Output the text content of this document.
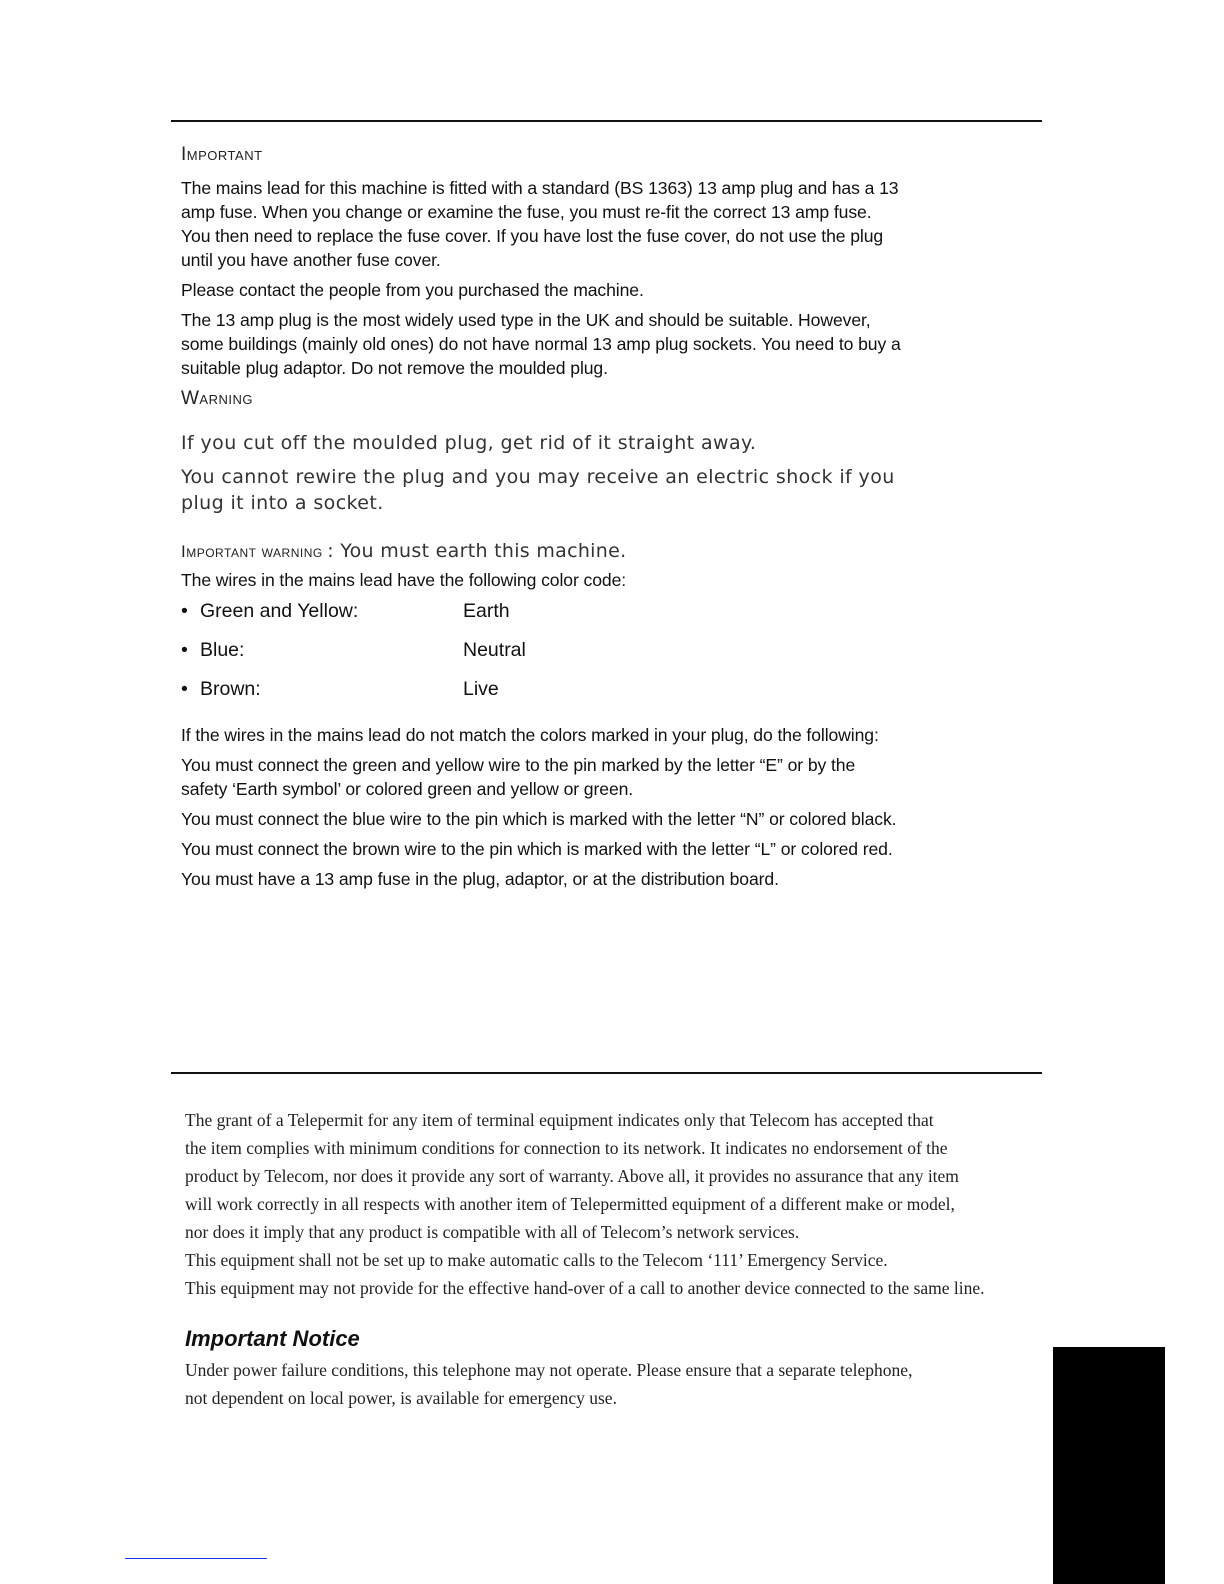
Important

The mains lead for this machine is fitted with a standard (BS 1363) 13 amp plug and has a 13 amp fuse. When you change or examine the fuse, you must re-fit the correct 13 amp fuse. You then need to replace the fuse cover. If you have lost the fuse cover, do not use the plug until you have another fuse cover.

Please contact the people from you purchased the machine.

The 13 amp plug is the most widely used type in the UK and should be suitable. However, some buildings (mainly old ones) do not have normal 13 amp plug sockets. You need to buy a suitable plug adaptor. Do not remove the moulded plug.

Warning

If you cut off the moulded plug, get rid of it straight away.

You cannot rewire the plug and you may receive an electric shock if you plug it into a socket.

Important warning : You must earth this machine.

The wires in the mains lead have the following color code:

• Green and Yellow:	Earth
• Blue:	Neutral
• Brown:	Live

If the wires in the mains lead do not match the colors marked in your plug, do the following:

You must connect the green and yellow wire to the pin marked by the letter “E” or by the safety ‘Earth symbol’ or colored green and yellow or green.

You must connect the blue wire to the pin which is marked with the letter “N” or colored black.

You must connect the brown wire to the pin which is marked with the letter “L” or colored red.

You must have a 13 amp fuse in the plug, adaptor, or at the distribution board.

The grant of a Telepermit for any item of terminal equipment indicates only that Telecom has accepted that

the item complies with minimum conditions for connection to its network. It indicates no endorsement of the

product by Telecom, nor does it provide any sort of warranty. Above all, it provides no assurance that any item

will work correctly in all respects with another item of Telepermitted equipment of a different make or model,

nor does it imply that any product is compatible with all of Telecom’s network services.

This equipment shall not be set up to make automatic calls to the Telecom ‘111’ Emergency Service.

This equipment may not provide for the effective hand-over of a call to another device connected to the same line.

Important Notice

Under power failure conditions, this telephone may not operate. Please ensure that a separate telephone,

not dependent on local power, is available for emergency use.
